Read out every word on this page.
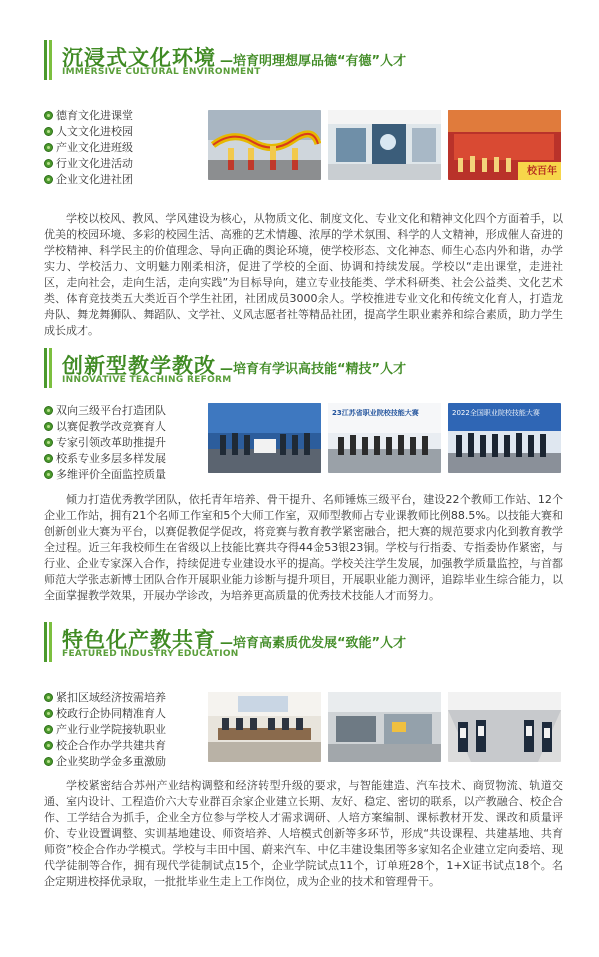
沉浸式文化环境 —培育明理想厚品德“有德”人才
IMMERSIVE CULTURAL ENVIRONMENT
德育文化进课堂
人文文化进校园
产业文化进班级
行业文化进活动
企业文化进社团
校百年

学校以校风、教风、学风建设为核心，从物质文化、制度文化、专业文化和精神文化四个方面着手，以优美的校园环境、多彩的校园生活、高雅的艺术情趣、浓厚的学术氛围、科学的人文精神，形成催人奋进的学校精神、科学民主的价值理念、导向正确的舆论环境，使学校形态、文化神态、师生心态内外和谐，办学实力、学校活力、文明魅力刚柔相济，促进了学校的全面、协调和持续发展。学校以“走出课堂，走进社区，走向社会，走向生活，走向实践”为目标导向，建立专业技能类、学术科研类、社会公益类、文化艺术类、体育竞技类五大类近百个学生社团，社团成员3000余人。学校推进专业文化和传统文化育人，打造龙舟队、舞龙舞狮队、舞蹈队、文学社、义风志愿者社等精品社团，提高学生职业素养和综合素质，助力学生成长成才。

创新型教学教改 —培育有学识高技能“精技”人才
INNOVATIVE TEACHING REFORM
双向三级平台打造团队
以赛促教学改竞赛育人
专家引领改革助推提升
校系专业多层多样发展
多维评价全面监控质量
23江苏省职业院校技能大赛	2022全国职业院校技能大赛

倾力打造优秀教学团队，依托青年培养、骨干提升、名师锤炼三级平台，建设22个教师工作站、12个企业工作站，拥有21个名师工作室和5个大师工作室，双师型教师占专业课教师比例88.5%。以技能大赛和创新创业大赛为平台，以赛促教促学促改，将竞赛与教育教学紧密融合，把大赛的规范要求内化到教育教学全过程。近三年我校师生在省级以上技能比赛共夺得44金53银23铜。学校与行指委、专指委协作紧密，与行业、企业专家深入合作，持续促进专业建设水平的提高。学校关注学生发展，加强教学质量监控，与首都师范大学张志新博士团队合作开展职业能力诊断与提升项目，开展职业能力测评，追踪毕业生综合能力，以全面掌握教学效果，开展办学诊改，为培养更高质量的优秀技术技能人才而努力。

特色化产教共育 —培育高素质优发展“致能”人才
FEATURED INDUSTRY EDUCATION
紧扣区域经济按需培养
校政行企协同精准育人
产业行业学院接轨职业
校企合作办学共建共育
企业奖助学金多重激励

学校紧密结合苏州产业结构调整和经济转型升级的要求，与智能建造、汽车技术、商贸物流、轨道交通、室内设计、工程造价六大专业群百余家企业建立长期、友好、稳定、密切的联系，以产教融合、校企合作、工学结合为抓手，企业全方位参与学校人才需求调研、人培方案编制、课标教材开发、课改和质量评价、专业设置调整、实训基地建设、师资培养、人培模式创新等多环节，形成“共设课程、共建基地、共育师资”校企合作办学模式。学校与丰田中国、蔚来汽车、中亿丰建设集团等多家知名企业建立定向委培、现代学徒制等合作，拥有现代学徒制试点15个，企业学院试点11个，订单班28个，1+X证书试点18个。名企定期进校择优录取，一批批毕业生走上工作岗位，成为企业的技术和管理骨干。
